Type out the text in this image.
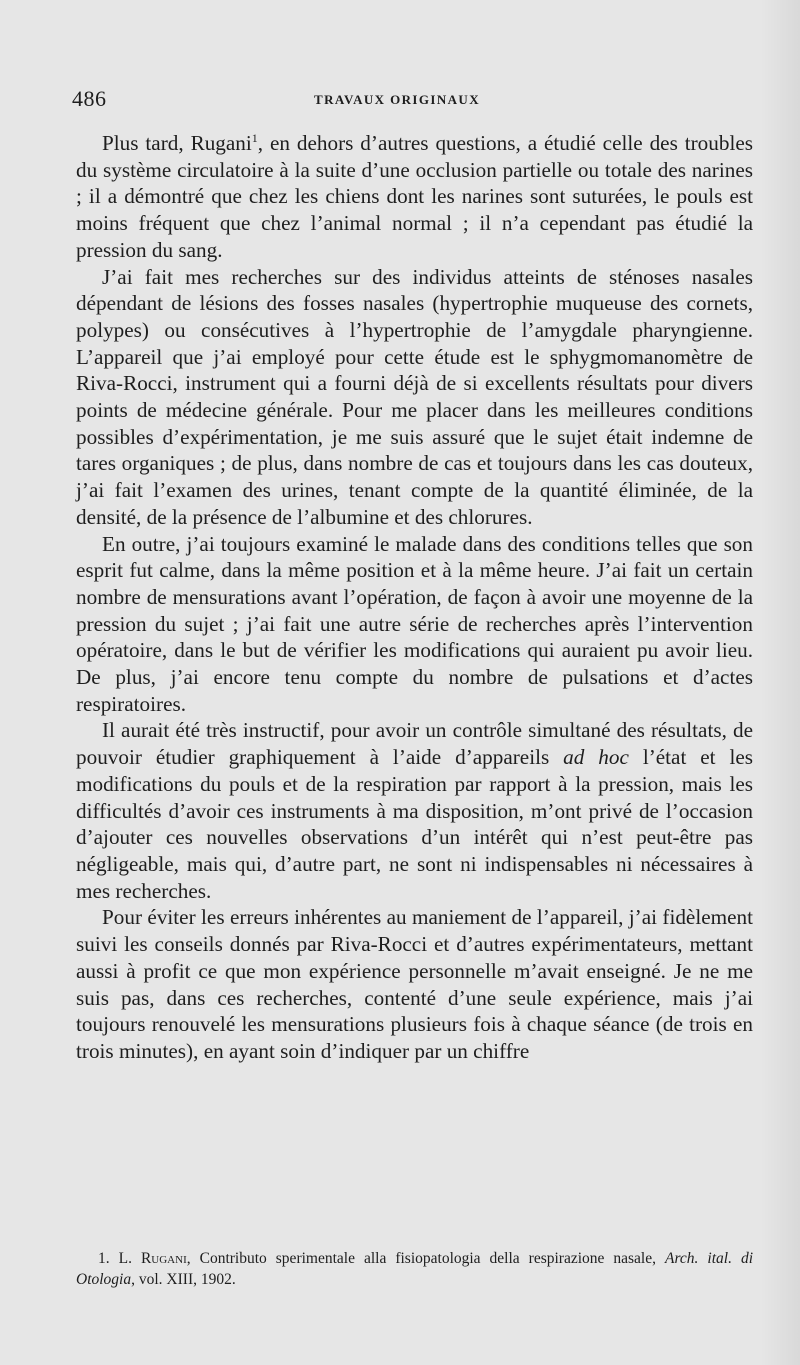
486	TRAVAUX ORIGINAUX

Plus tard, Rugani$^1$, en dehors d’autres questions, a étudié celle des troubles du système circulatoire à la suite d’une occlusion partielle ou totale des narines ; il a démontré que chez les chiens dont les narines sont suturées, le pouls est moins fréquent que chez l’animal normal ; il n’a cependant pas étudié la pression du sang.

J’ai fait mes recherches sur des individus atteints de sténoses nasales dépendant de lésions des fosses nasales (hypertrophie muqueuse des cornets, polypes) ou consécutives à l’hypertrophie de l’amygdale pharyngienne. L’appareil que j’ai employé pour cette étude est le sphygmomanomètre de Riva-Rocci, instrument qui a fourni déjà de si excellents résultats pour divers points de médecine générale. Pour me placer dans les meilleures conditions possibles d’expérimentation, je me suis assuré que le sujet était indemne de tares organiques ; de plus, dans nombre de cas et toujours dans les cas douteux, j’ai fait l’examen des urines, tenant compte de la quantité éliminée, de la densité, de la présence de l’albumine et des chlorures.

En outre, j’ai toujours examiné le malade dans des conditions telles que son esprit fut calme, dans la même position et à la même heure. J’ai fait un certain nombre de mensurations avant l’opération, de façon à avoir une moyenne de la pression du sujet ; j’ai fait une autre série de recherches après l’intervention opératoire, dans le but de vérifier les modifications qui auraient pu avoir lieu. De plus, j’ai encore tenu compte du nombre de pulsations et d’actes respiratoires.

Il aurait été très instructif, pour avoir un contrôle simultané des résultats, de pouvoir étudier graphiquement à l’aide d’appareils ad hoc l’état et les modifications du pouls et de la respiration par rapport à la pression, mais les difficultés d’avoir ces instruments à ma disposition, m’ont privé de l’occasion d’ajouter ces nouvelles observations d’un intérêt qui n’est peut-être pas négligeable, mais qui, d’autre part, ne sont ni indispensables ni nécessaires à mes recherches.

Pour éviter les erreurs inhérentes au maniement de l’appareil, j’ai fidèlement suivi les conseils donnés par Riva-Rocci et d’autres expérimentateurs, mettant aussi à profit ce que mon expérience personnelle m’avait enseigné. Je ne me suis pas, dans ces recherches, contenté d’une seule expérience, mais j’ai toujours renouvelé les mensurations plusieurs fois à chaque séance (de trois en trois minutes), en ayant soin d’indiquer par un chiffre

1. L. Rugani, Contributo sperimentale alla fisiopatologia della respirazione nasale, Arch. ital. di Otologia, vol. XIII, 1902.
